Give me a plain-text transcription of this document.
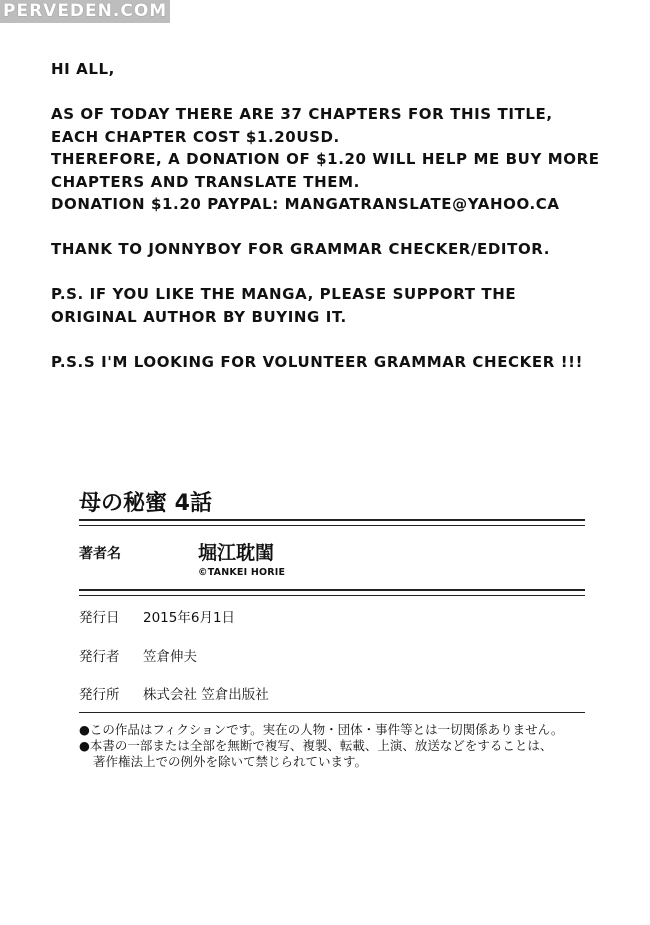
PERVEDEN.COM
HI ALL,
AS OF TODAY THERE ARE 37 CHAPTERS FOR THIS TITLE,
EACH CHAPTER COST $1.20USD.
THEREFORE, A DONATION OF $1.20 WILL HELP ME BUY MORE
CHAPTERS AND TRANSLATE THEM.
DONATION $1.20 PAYPAL: MANGATRANSLATE@YAHOO.CA
THANK TO JONNYBOY FOR GRAMMAR CHECKER/EDITOR.
P.S. IF YOU LIKE THE MANGA, PLEASE SUPPORT THE
ORIGINAL AUTHOR BY BUYING IT.
P.S.S I'M LOOKING FOR VOLUNTEER GRAMMAR CHECKER !!!
母の秘蜜 4話
著者名	堀江耽閨
©TANKEI HORIE
発行日 2015年6月1日
発行者 笠倉伸夫
発行所 株式会社 笠倉出版社
●この作品はフィクションです。実在の人物・団体・事件等とは一切関係ありません。
●本書の一部または全部を無断で複写、複製、転載、上演、放送などをすることは、
著作権法上での例外を除いて禁じられています。
